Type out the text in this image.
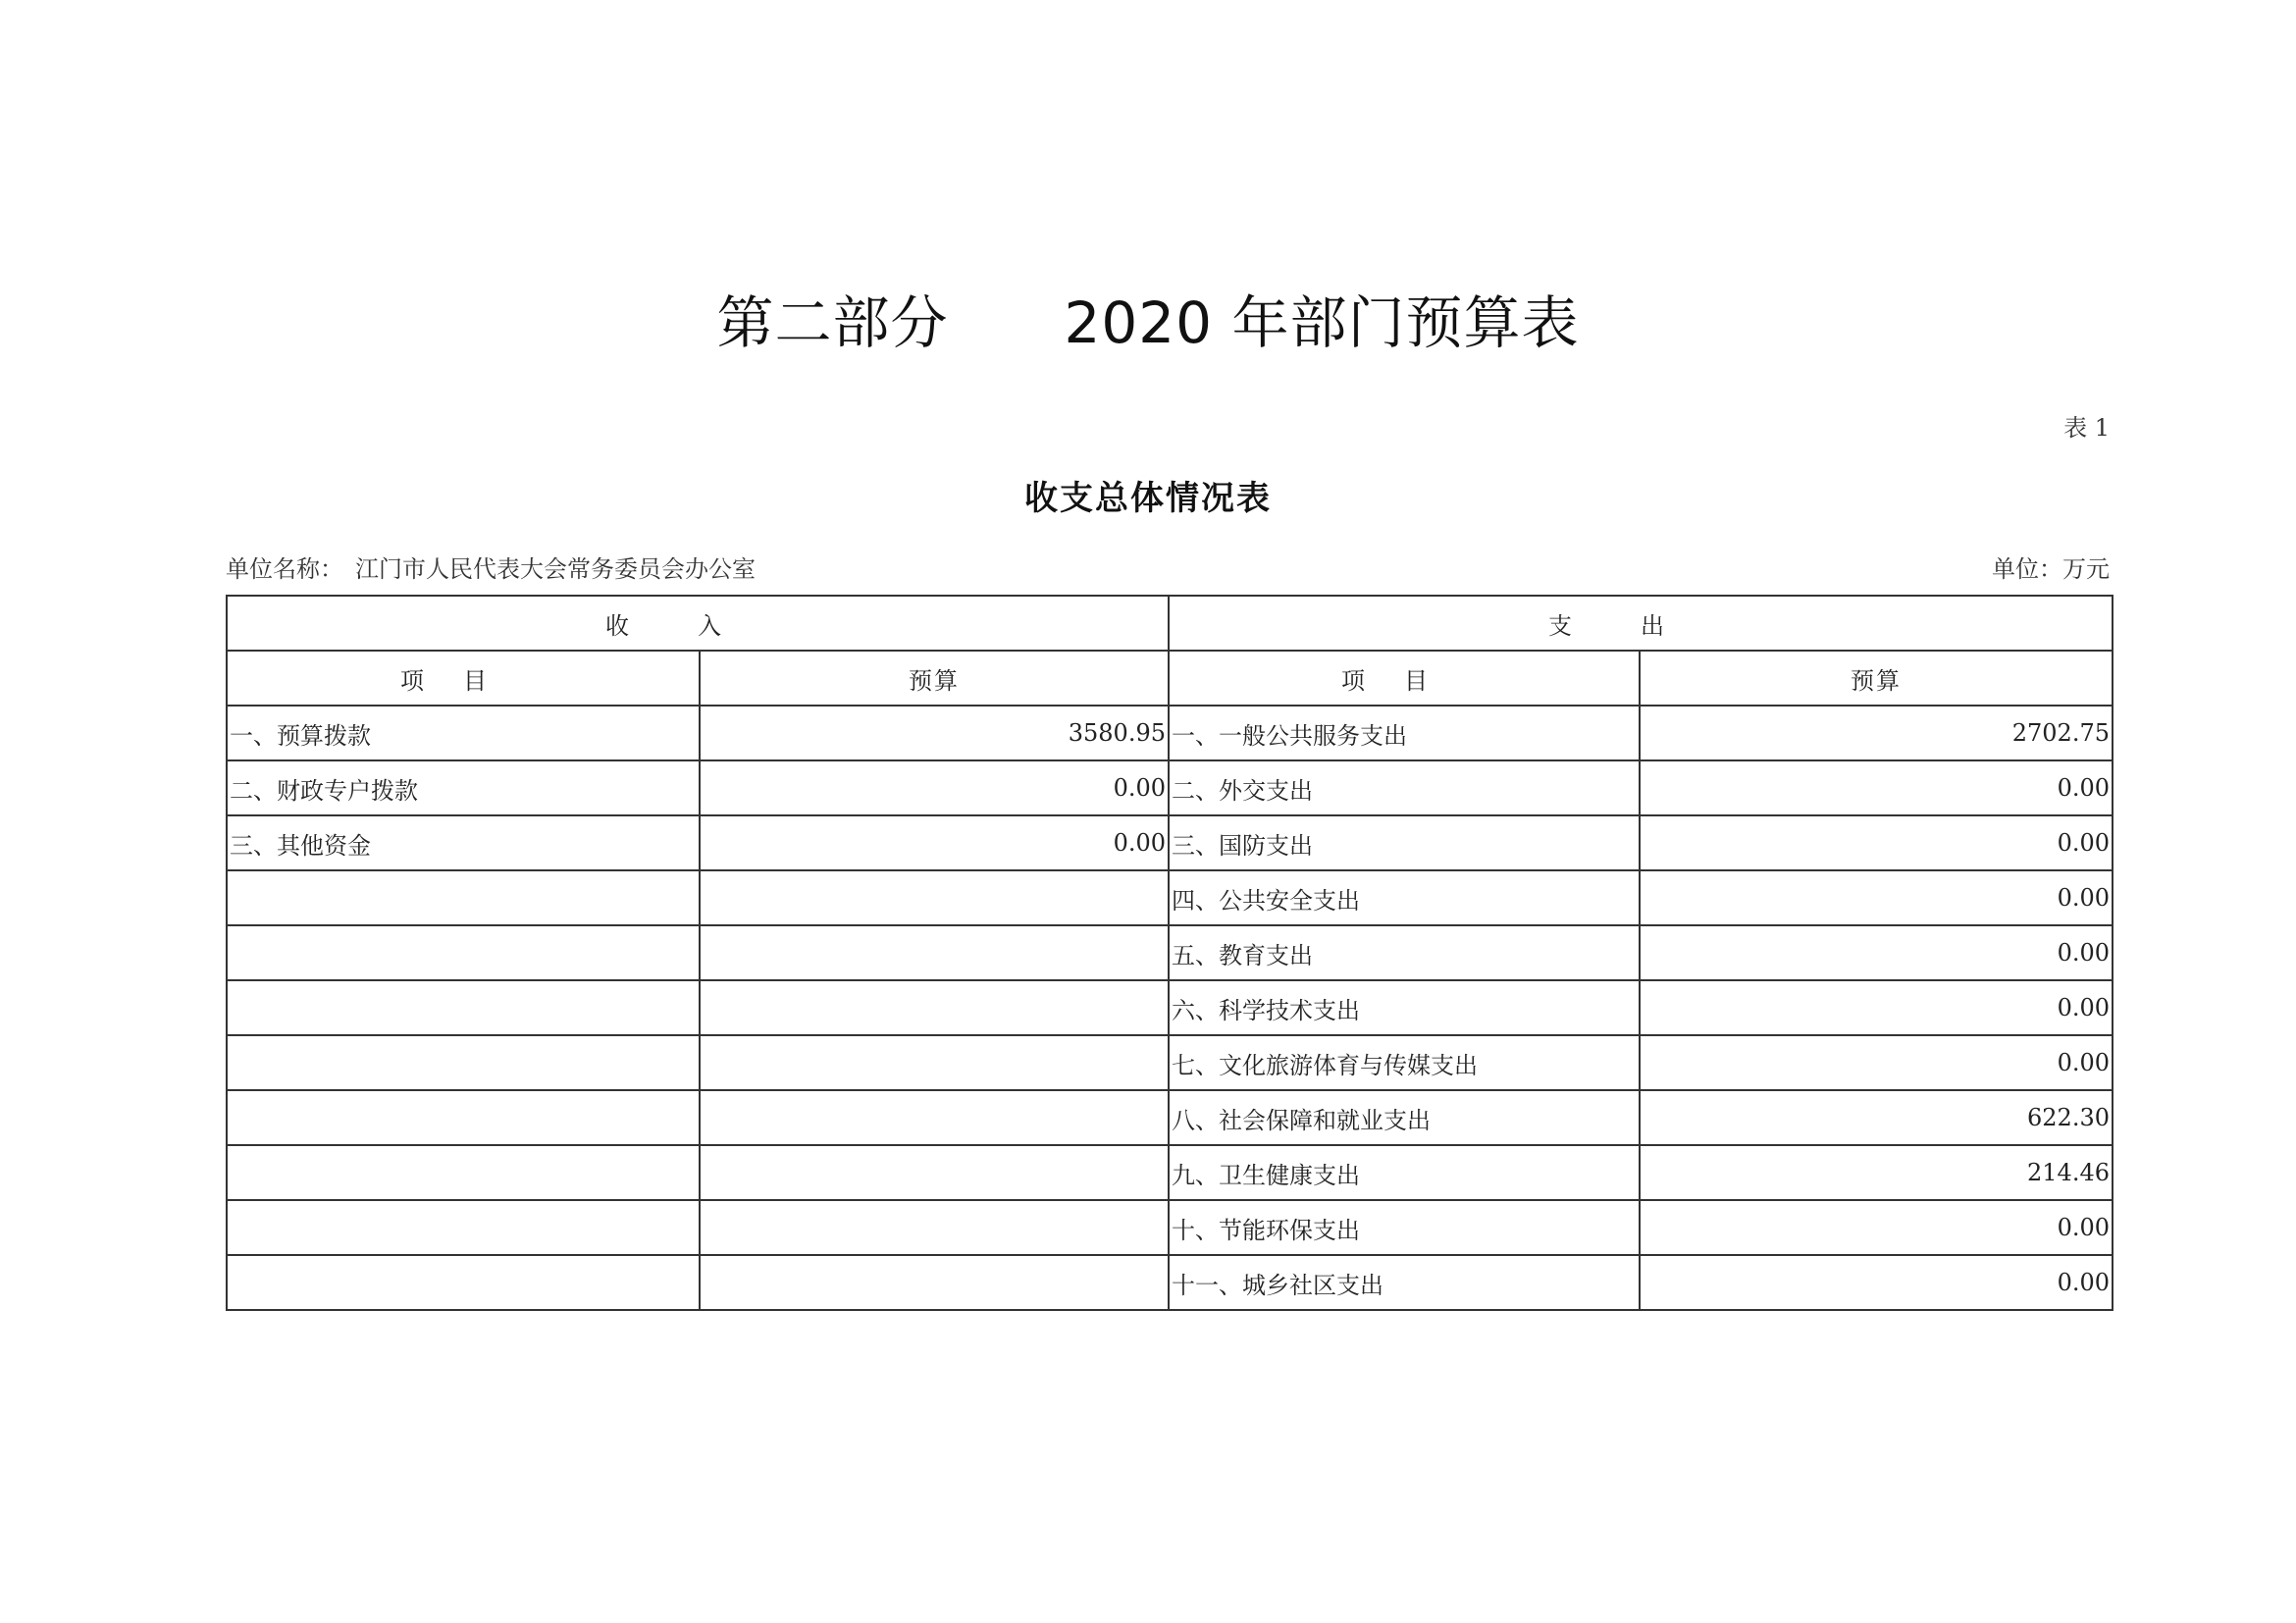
第二部分　　2020 年部门预算表
表 1
收支总体情况表
单位名称：　江门市人民代表大会常务委员会办公室	单位：万元
收入		支出	
项目	预算	项目	预算
一、预算拨款	3580.95	一、一般公共服务支出	2702.75
二、财政专户拨款	0.00	二、外交支出	0.00
三、其他资金	0.00	三、国防支出	0.00
		四、公共安全支出	0.00
		五、教育支出	0.00
		六、科学技术支出	0.00
		七、文化旅游体育与传媒支出	0.00
		八、社会保障和就业支出	622.30
		九、卫生健康支出	214.46
		十、节能环保支出	0.00
		十一、城乡社区支出	0.00
